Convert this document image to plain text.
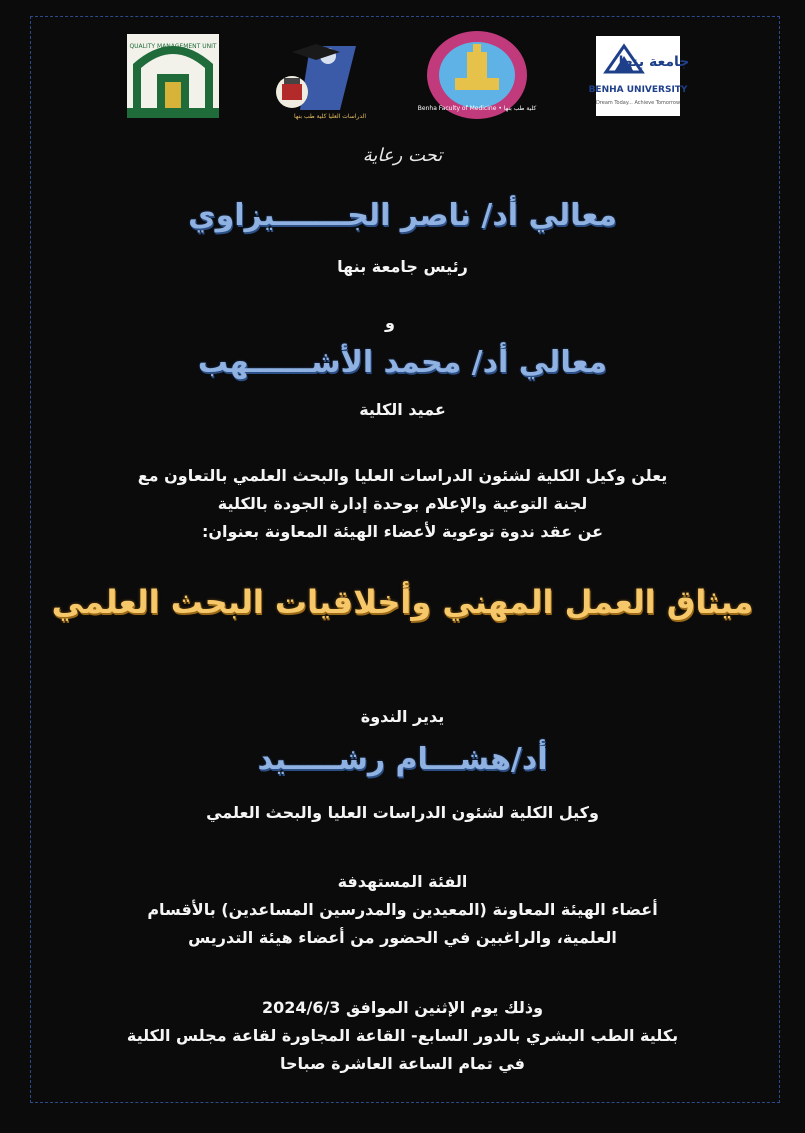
QUALITY MANAGEMENT UNIT
الدراسات العليا كلية طب بنها
Benha Faculty of Medicine • كلية طب بنها
جامعة بنها
BENHA UNIVERSITY
Dream Today... Achieve Tomorrow
تحت رعاية
معالي أد/ ناصر الجـــــــيزاوي
رئيس جامعة بنها
و
معالي أد/ محمد الأشــــــهب
عميد الكلية
يعلن وكيل الكلية لشئون الدراسات العليا والبحث العلمي بالتعاون مع
لجنة التوعية والإعلام بوحدة إدارة الجودة بالكلية
عن عقد ندوة توعوية لأعضاء الهيئة المعاونة بعنوان:
ميثاق العمل المهني وأخلاقيات البحث العلمي
يدير الندوة
أد/هشـــام رشـــــيد
وكيل الكلية لشئون الدراسات العليا والبحث العلمي
الفئة المستهدفة
أعضاء الهيئة المعاونة (المعيدين والمدرسين المساعدين) بالأقسام
العلمية، والراغبين في الحضور من أعضاء هيئة التدريس
وذلك يوم الإثنين الموافق 2024/6/3
بكلية الطب البشري بالدور السابع- القاعة المجاورة لقاعة مجلس الكلية
في تمام الساعة العاشرة صباحا
